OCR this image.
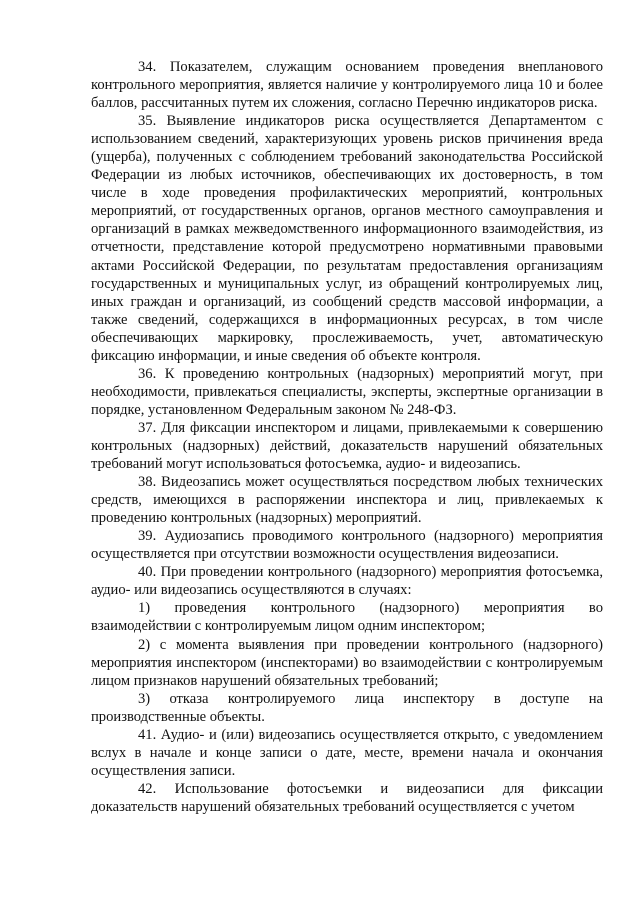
34. Показателем, служащим основанием проведения внепланового контрольного мероприятия, является наличие у контролируемого лица 10 и более баллов, рассчитанных путем их сложения, согласно Перечню индикаторов риска.

35. Выявление индикаторов риска осуществляется Департаментом с использованием сведений, характеризующих уровень рисков причинения вреда (ущерба), полученных с соблюдением требований законодательства Российской Федерации из любых источников, обеспечивающих их достоверность, в том числе в ходе проведения профилактических мероприятий, контрольных мероприятий, от государственных органов, органов местного самоуправления и организаций в рамках межведомственного информационного взаимодействия, из отчетности, представление которой предусмотрено нормативными правовыми актами Российской Федерации, по результатам предоставления организациям государственных и муниципальных услуг, из обращений контролируемых лиц, иных граждан и организаций, из сообщений средств массовой информации, а также сведений, содержащихся в информационных ресурсах, в том числе обеспечивающих маркировку, прослеживаемость, учет, автоматическую фиксацию информации, и иные сведения об объекте контроля.

36. К проведению контрольных (надзорных) мероприятий могут, при необходимости, привлекаться специалисты, эксперты, экспертные организации в порядке, установленном Федеральным законом № 248-ФЗ.

37. Для фиксации инспектором и лицами, привлекаемыми к совершению контрольных (надзорных) действий, доказательств нарушений обязательных требований могут использоваться фотосъемка, аудио- и видеозапись.

38. Видеозапись может осуществляться посредством любых технических средств, имеющихся в распоряжении инспектора и лиц, привлекаемых к проведению контрольных (надзорных) мероприятий.

39. Аудиозапись проводимого контрольного (надзорного) мероприятия осуществляется при отсутствии возможности осуществления видеозаписи.

40. При проведении контрольного (надзорного) мероприятия фотосъемка, аудио- или видеозапись осуществляются в случаях:

1) проведения контрольного (надзорного) мероприятия во взаимодействии с контролируемым лицом одним инспектором;

2) с момента выявления при проведении контрольного (надзорного) мероприятия инспектором (инспекторами) во взаимодействии с контролируемым лицом признаков нарушений обязательных требований;

3) отказа контролируемого лица инспектору в доступе на производственные объекты.

41. Аудио- и (или) видеозапись осуществляется открыто, с уведомлением вслух в начале и конце записи о дате, месте, времени начала и окончания осуществления записи.

42. Использование фотосъемки и видеозаписи для фиксации доказательств нарушений обязательных требований осуществляется с учетом
